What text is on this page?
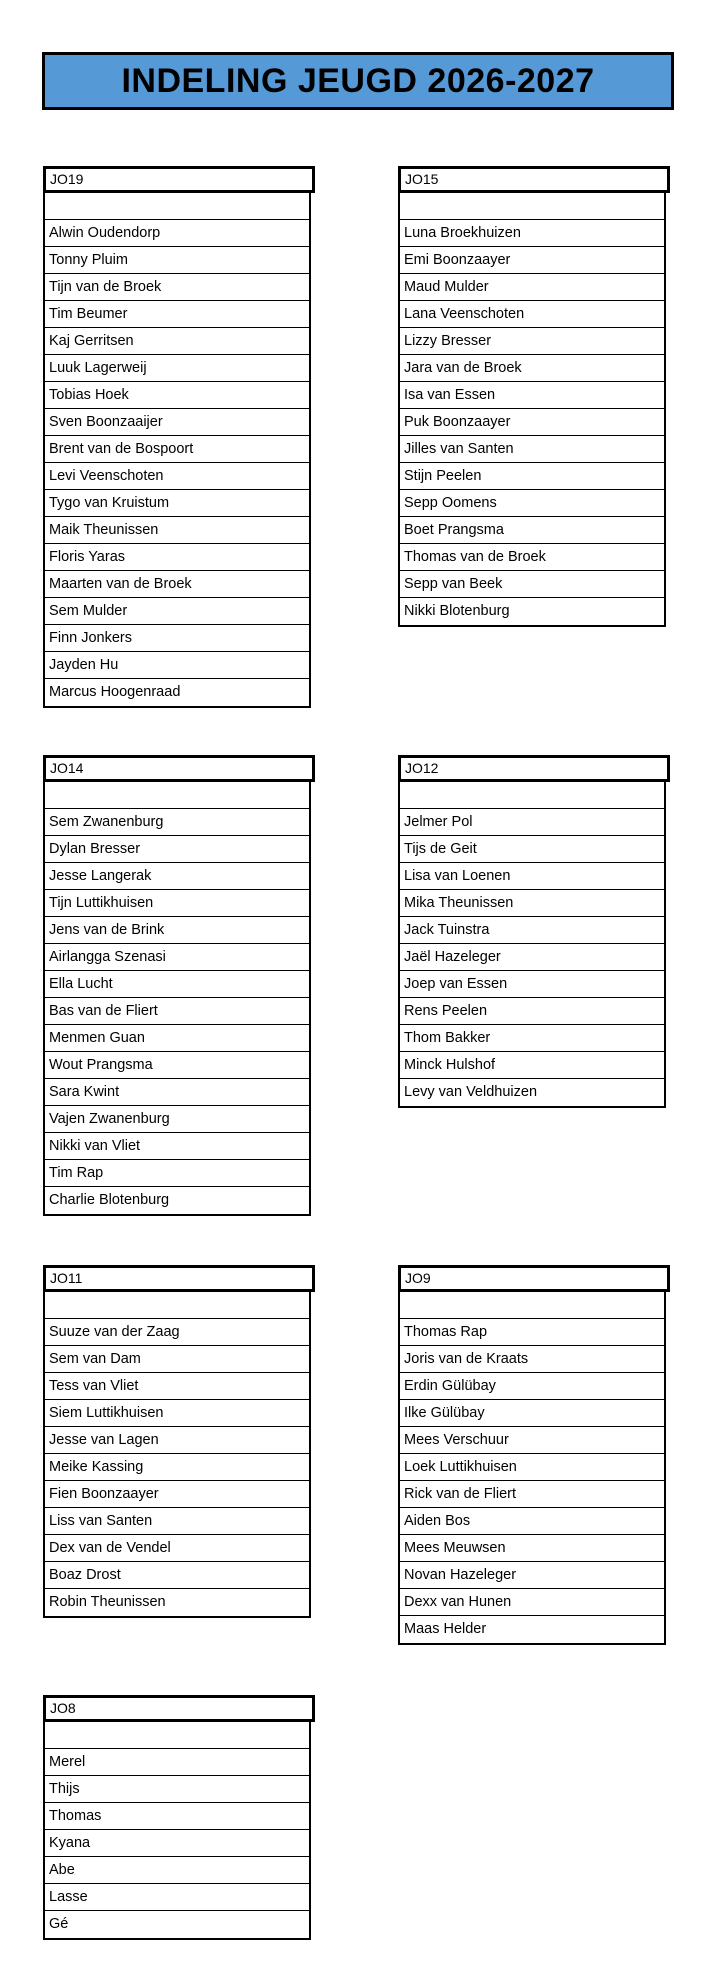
INDELING JEUGD 2026-2027
JO19
Alwin Oudendorp
Tonny Pluim
Tijn van de Broek
Tim Beumer
Kaj Gerritsen
Luuk Lagerweij
Tobias Hoek
Sven Boonzaaijer
Brent van de Bospoort
Levi Veenschoten
Tygo van Kruistum
Maik Theunissen
Floris Yaras
Maarten van de Broek
Sem Mulder
Finn Jonkers
Jayden Hu
Marcus Hoogenraad
JO15
Luna Broekhuizen
Emi Boonzaayer
Maud Mulder
Lana Veenschoten
Lizzy Bresser
Jara van de Broek
Isa van Essen
Puk Boonzaayer
Jilles van Santen
Stijn Peelen
Sepp Oomens
Boet Prangsma
Thomas van de Broek
Sepp van Beek
Nikki Blotenburg
JO14
Sem Zwanenburg
Dylan Bresser
Jesse Langerak
Tijn Luttikhuisen
Jens van de Brink
Airlangga Szenasi
Ella Lucht
Bas van de Fliert
Menmen Guan
Wout Prangsma
Sara Kwint
Vajen Zwanenburg
Nikki van Vliet
Tim Rap
Charlie Blotenburg
JO12
Jelmer Pol
Tijs de Geit
Lisa van Loenen
Mika Theunissen
Jack Tuinstra
Jaël Hazeleger
Joep van Essen
Rens Peelen
Thom Bakker
Minck Hulshof
Levy van Veldhuizen
JO11
Suuze van der Zaag
Sem van Dam
Tess van Vliet
Siem Luttikhuisen
Jesse van Lagen
Meike Kassing
Fien Boonzaayer
Liss van Santen
Dex van de Vendel
Boaz Drost
Robin Theunissen
JO9
Thomas Rap
Joris van de Kraats
Erdin Gülübay
Ilke Gülübay
Mees Verschuur
Loek Luttikhuisen
Rick van de Fliert
Aiden Bos
Mees Meuwsen
Novan Hazeleger
Dexx van Hunen
Maas Helder
JO8
Merel
Thijs
Thomas
Kyana
Abe
Lasse
Gé
